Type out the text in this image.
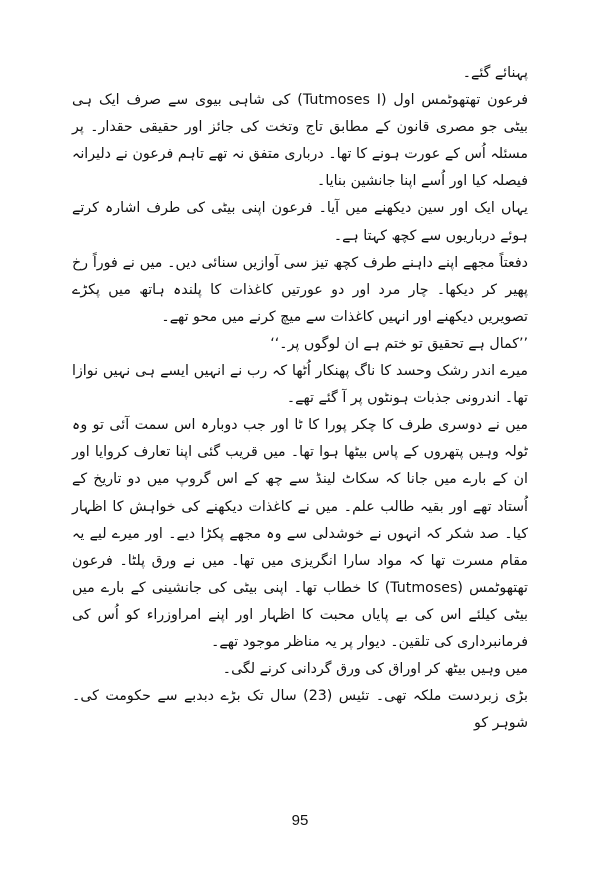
پہنائے گئے۔

فرعون تھتھوٹمس اول (Tutmoses I) کی شاہی بیوی سے صرف ایک ہی بیٹی جو مصری قانون کے مطابق تاج وتخت کی جائز اور حقیقی حقدار۔ پر مسئلہ اُس کے عورت ہونے کا تھا۔ درباری متفق نہ تھے تاہم فرعون نے دلیرانہ فیصلہ کیا اور اُسے اپنا جانشین بنایا۔

یہاں ایک اور سین دیکھنے میں آیا۔ فرعون اپنی بیٹی کی طرف اشارہ کرتے ہوئے درباریوں سے کچھ کہتا ہے۔

دفعتاً مجھے اپنے داہنے طرف کچھ تیز سی آوازیں سنائی دیں۔ میں نے فوراً رخ پھیر کر دیکھا۔ چار مرد اور دو عورتیں کاغذات کا پلندہ ہاتھ میں پکڑے تصویریں دیکھنے اور انہیں کاغذات سے میچ کرنے میں محو تھے۔

’’کمال ہے تحقیق تو ختم ہے ان لوگوں پر۔‘‘

میرے اندر رشک وحسد کا ناگ پھنکار اُٹھا کہ رب نے انہیں ایسے ہی نہیں نوازا تھا۔ اندرونی جذبات ہونٹوں پر آ گئے تھے۔

میں نے دوسری طرف کا چکر پورا کا ٹا اور جب دوبارہ اس سمت آئی تو وہ ٹولہ وہیں پتھروں کے پاس بیٹھا ہوا تھا۔ میں قریب گئی اپنا تعارف کروایا اور ان کے بارے میں جانا کہ سکاٹ لینڈ سے چھ کے اس گروپ میں دو تاریخ کے اُستاد تھے اور بقیہ طالب علم۔ میں نے کاغذات دیکھنے کی خواہش کا اظہار کیا۔ صد شکر کہ انہوں نے خوشدلی سے وہ مجھے پکڑا دیے۔ اور میرے لیے یہ مقام مسرت تھا کہ مواد سارا انگریزی میں تھا۔ میں نے ورق پلٹا۔ فرعون تھتھوٹمس (Tutmoses) کا خطاب تھا۔ اپنی بیٹی کی جانشینی کے بارے میں بیٹی کیلئے اس کی بے پایاں محبت کا اظہار اور اپنے امراوزراء کو اُس کی فرمانبرداری کی تلقین۔ دیوار پر یہ مناظر موجود تھے۔

میں وہیں بیٹھ کر اوراق کی ورق گردانی کرنے لگی۔

بڑی زبردست ملکہ تھی۔ تئیس (23) سال تک بڑے دبدبے سے حکومت کی۔ شوہر کو

95
